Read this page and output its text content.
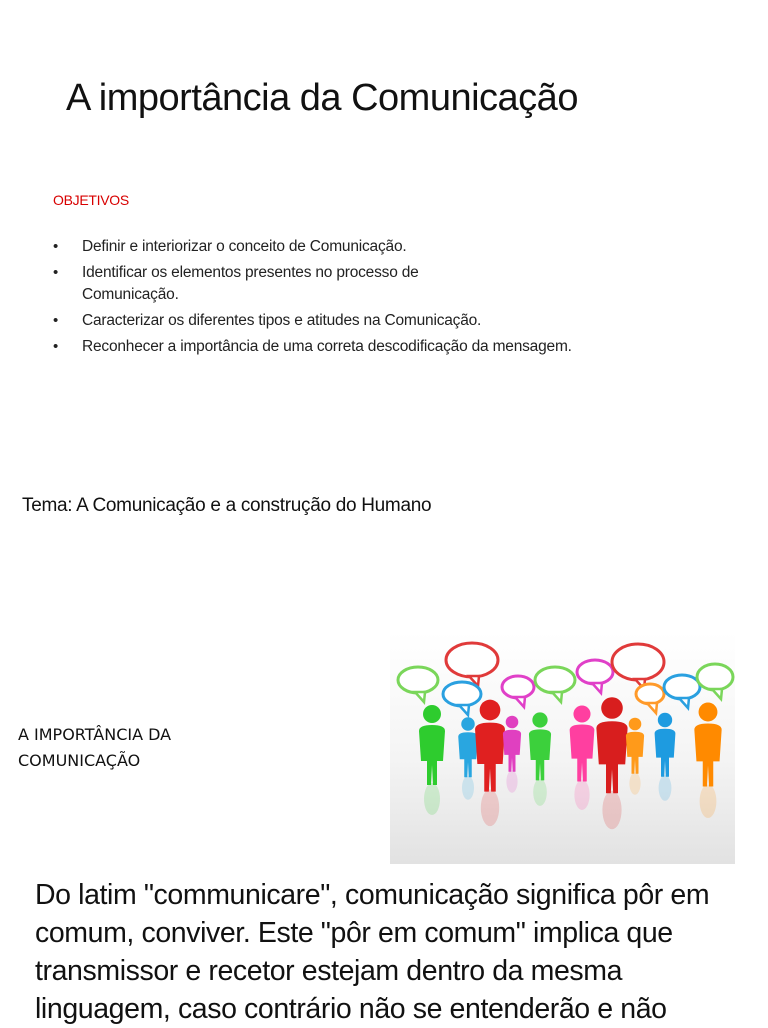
A importância da Comunicação

OBJETIVOS

• Definir e interiorizar o conceito de Comunicação.
• Identificar os elementos presentes no processo de Comunicação.
• Caracterizar os diferentes tipos e atitudes na Comunicação.
• Reconhecer a importância de uma correta descodificação da mensagem.

Tema: A Comunicação e a construção do Humano

A IMPORTÂNCIA DA COMUNICAÇÃO

Do latim "communicare", comunicação significa pôr em comum, conviver. Este "pôr em comum" implica que transmissor e recetor estejam dentro da mesma linguagem, caso contrário não se entenderão e não
